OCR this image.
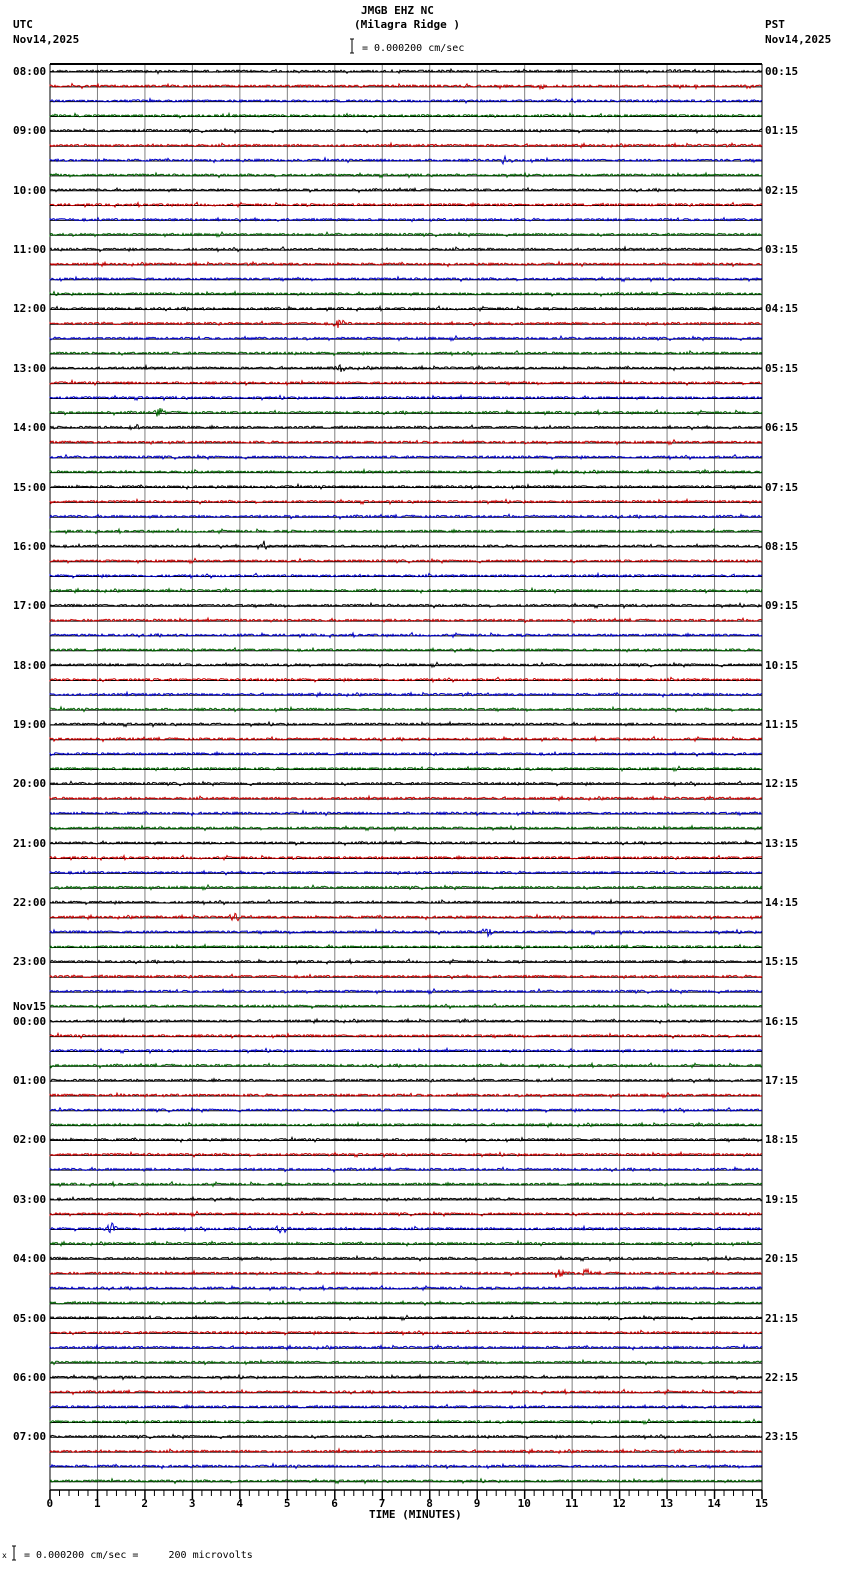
JMGB EHZ NC
(Milagra Ridge )
= 0.000200 cm/sec
UTC
Nov14,2025
PST
Nov14,2025
08:00
09:00
10:00
11:00
12:00
13:00
14:00
15:00
16:00
17:00
18:00
19:00
20:00
21:00
22:00
23:00
00:00
Nov15
01:00
02:00
03:00
04:00
05:00
06:00
07:00
00:15
01:15
02:15
03:15
04:15
05:15
06:15
07:15
08:15
09:15
10:15
11:15
12:15
13:15
14:15
15:15
16:15
17:15
18:15
19:15
20:15
21:15
22:15
23:15
0	1	2	3	4	5	6	7	8	9	10	11	12	13	14	15
TIME (MINUTES)
x = 0.000200 cm/sec =     200 microvolts
